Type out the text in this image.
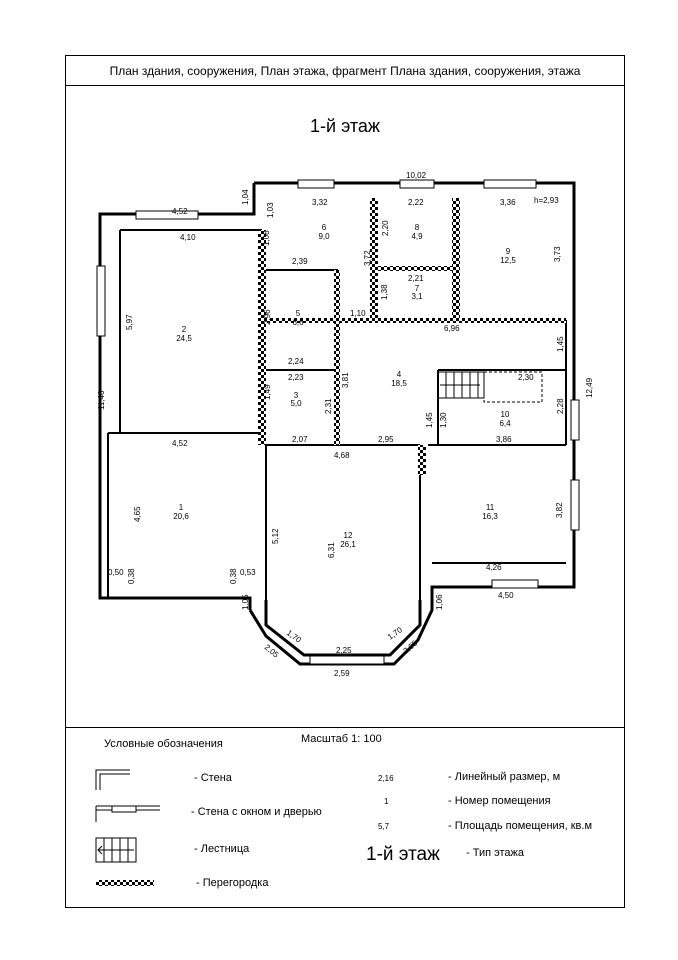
План здания, сооружения, План этажа, фрагмент Плана здания, сооружения, этажа
1-й этаж
10,02
3,32	2,22	3,36 h=2,93
1,04
4,52
4,10
1,03
1,08
2,20
3,72	3,73
2,39
5,97	2,96
1,38
2,21
1,10
6,96
1,45
2,24
2,23	3,81	2,30
12,49
11,46	1,49
2,31
1,45 1,30
2,28
2,07	2,95	3,86
4,52
4,68
4,65
5,12
6,31
3,82
0,50 0,38	0,38 0,53
4,26
4,50
1,05	1,06
1,70	1,70
2,25
2,05	2,05
2,59
1
20,6
2
24,5
3
5,0
4
18,5
5
6,6
6
9,0
7
3,1
8
4,9
9
12,5
10
6,4
11
16,3
12
26,1
Условные обозначения	Масштаб 1: 100
- Стена
- Стена с окном и дверью
- Лестница
- Перегородка
2,16	- Линейный размер, м
1	- Номер помещения
5,7	- Площадь помещения, кв.м
1-й этаж - Тип этажа
